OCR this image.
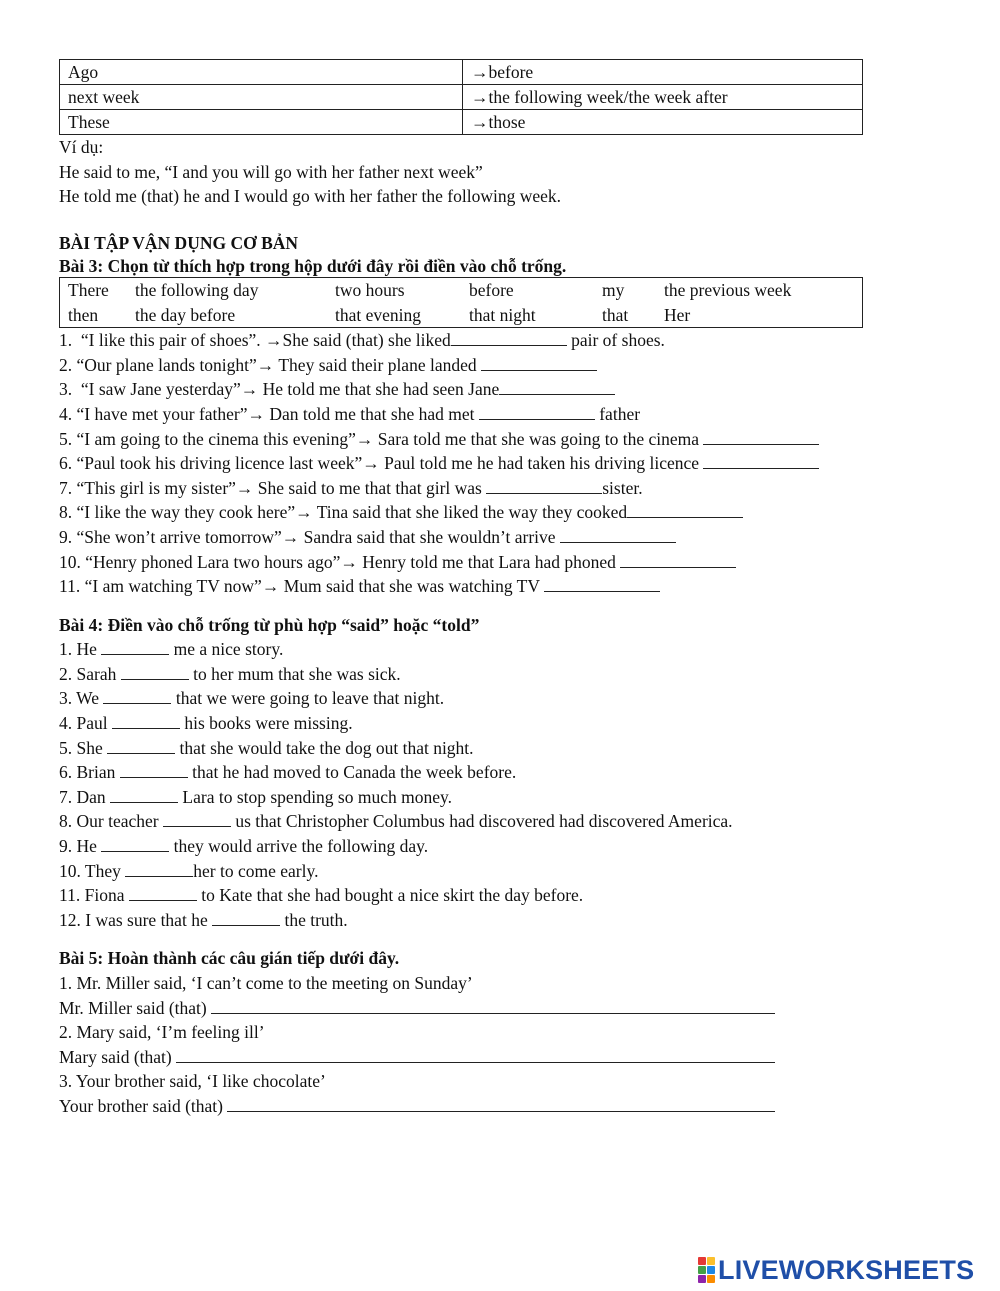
Ago	→before
next week	→the following week/the week after
These	→those
Ví dụ:
He said to me, “I and you will go with her father next week”
He told me (that) he and I would go with her father the following week.
BÀI TẬP VẬN DỤNG CƠ BẢN
Bài 3: Chọn từ thích hợp trong hộp dưới đây rồi điền vào chỗ trống.
There	the following day	two hours	before	my	the previous week
then	the day before	that evening	that night	that	Her
1.  “I like this pair of shoes”. →She said (that) she liked	pair of shoes.
2. “Our plane lands tonight”→ They said their plane landed
3.  “I saw Jane yesterday”→ He told me that she had seen Jane
4. “I have met your father”→ Dan told me that she had met	father
5. “I am going to the cinema this evening”→ Sara told me that she was going to the cinema
6. “Paul took his driving licence last week”→ Paul told me he had taken his driving licence
7. “This girl is my sister”→ She said to me that that girl was	sister.
8. “I like the way they cook here”→ Tina said that she liked the way they cooked
9. “She won’t arrive tomorrow”→ Sandra said that she wouldn’t arrive
10. “Henry phoned Lara two hours ago”→ Henry told me that Lara had phoned
11. “I am watching TV now”→ Mum said that she was watching TV
Bài 4: Điền vào chỗ trống từ phù hợp “said” hoặc “told”
1. He	me a nice story.
2. Sarah	to her mum that she was sick.
3. We	that we were going to leave that night.
4. Paul	his books were missing.
5. She	that she would take the dog out that night.
6. Brian	that he had moved to Canada the week before.
7. Dan	Lara to stop spending so much money.
8. Our teacher	us that Christopher Columbus had discovered had discovered America.
9. He	they would arrive the following day.
10. They	her to come early.
11. Fiona	to Kate that she had bought a nice skirt the day before.
12. I was sure that he	the truth.
Bài 5: Hoàn thành các câu gián tiếp dưới đây.
1. Mr. Miller said, ‘I can’t come to the meeting on Sunday’
Mr. Miller said (that)
2. Mary said, ‘I’m feeling ill’
Mary said (that)
3. Your brother said, ‘I like chocolate’
Your brother said (that)
LIVEWORKSHEETS
